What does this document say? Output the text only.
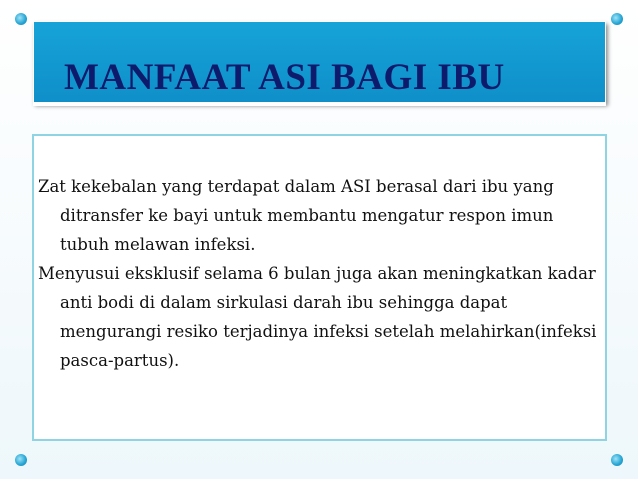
MANFAAT ASI BAGI IBU

Zat kekebalan yang terdapat dalam ASI berasal dari ibu yang ditransfer ke bayi untuk membantu mengatur respon imun tubuh melawan infeksi.

Menyusui eksklusif selama 6 bulan juga akan meningkatkan kadar anti bodi di dalam sirkulasi darah ibu sehingga dapat mengurangi resiko terjadinya infeksi setelah melahirkan(infeksi pasca-partus).
